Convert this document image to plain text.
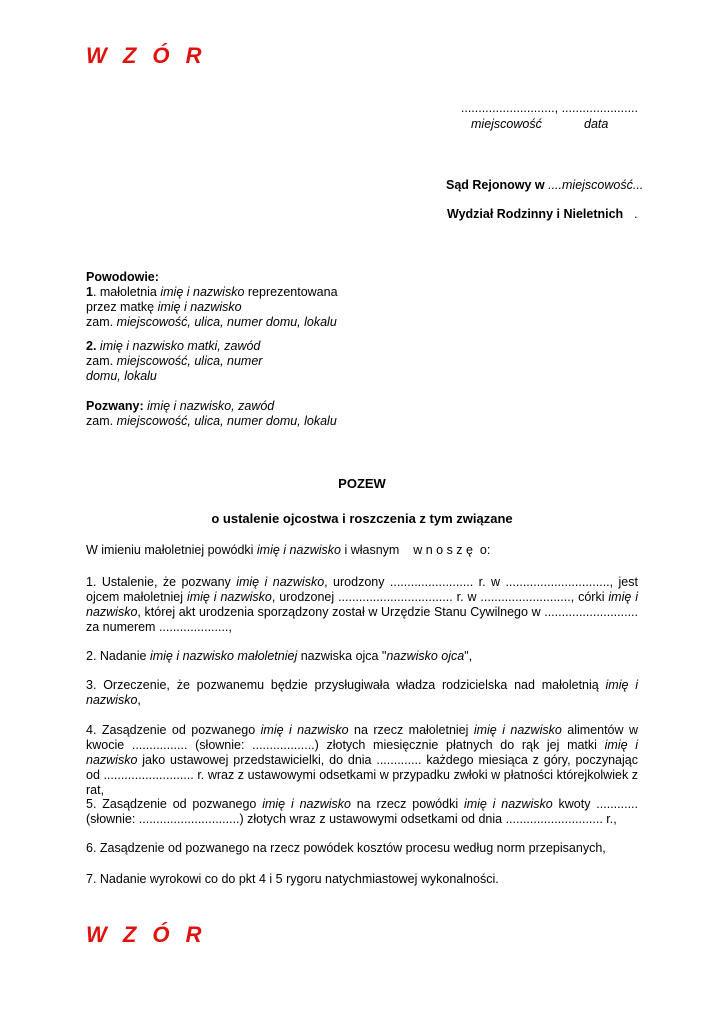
W Z Ó R
..........................., ......................
miejscowość	data
Sąd Rejonowy w ....miejscowość...
Wydział Rodzinny i Nieletnich .
Powodowie:
1. małoletnia imię i nazwisko reprezentowana
przez matkę imię i nazwisko
zam. miejscowość, ulica, numer domu, lokalu
2. imię i nazwisko matki, zawód
zam. miejscowość, ulica, numer
domu, lokalu
Pozwany: imię i nazwisko, zawód
zam. miejscowość, ulica, numer domu, lokalu
POZEW
o ustalenie ojcostwa i roszczenia z tym związane
W imieniu małoletniej powódki imię i nazwisko i własnym    w n o s z ę  o:
1. Ustalenie, że pozwany imię i nazwisko, urodzony ........................ r. w .............................., jest ojcem małoletniej imię i nazwisko, urodzonej ................................. r. w .........................., córki imię i nazwisko, której akt urodzenia sporządzony został w Urzędzie Stanu Cywilnego w ........................... za numerem ....................,
2. Nadanie imię i nazwisko małoletniej nazwiska ojca "nazwisko ojca",
3. Orzeczenie, że pozwanemu będzie przysługiwała władza rodzicielska nad małoletnią imię i nazwisko,
4. Zasądzenie od pozwanego imię i nazwisko na rzecz małoletniej imię i nazwisko alimentów w kwocie ................ (słownie: ..................) złotych miesięcznie płatnych do rąk jej matki imię i nazwisko jako ustawowej przedstawicielki, do dnia ............. każdego miesiąca z góry, poczynając od .......................... r. wraz z ustawowymi odsetkami w przypadku zwłoki w płatności którejkolwiek z rat,
5. Zasądzenie od pozwanego imię i nazwisko na rzecz powódki imię i nazwisko kwoty ............ (słownie: .............................) złotych wraz z ustawowymi odsetkami od dnia ............................ r.,
6. Zasądzenie od pozwanego na rzecz powódek kosztów procesu według norm przepisanych,
7. Nadanie wyrokowi co do pkt 4 i 5 rygoru natychmiastowej wykonalności.
W Z Ó R
